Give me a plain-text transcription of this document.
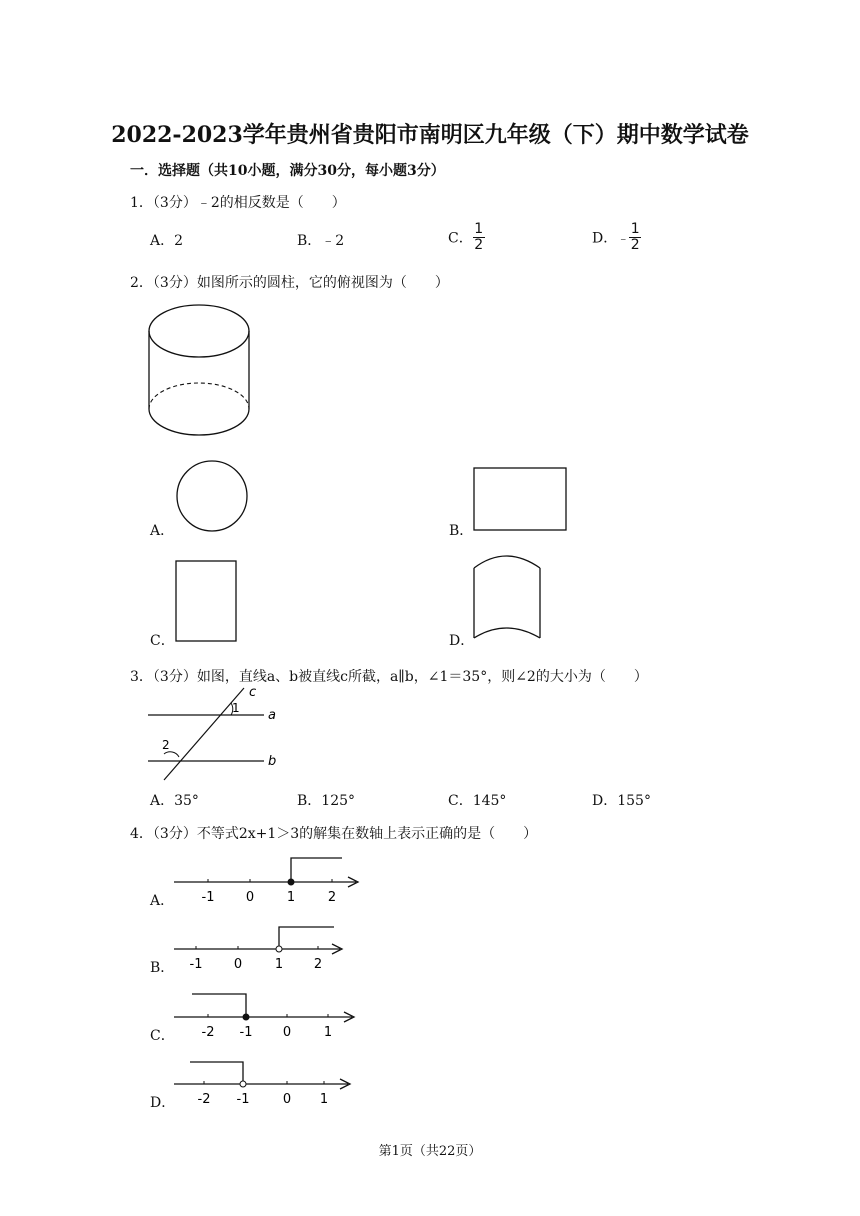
2022-2023学年贵州省贵阳市南明区九年级（下）期中数学试卷
一．选择题（共10小题，满分30分，每小题3分）
1．（3分）﹣2的相反数是（　　）
A．2	B．﹣2	C． $\frac{1}{2}$	D．﹣ $\frac{1}{2}$
2．（3分）如图所示的圆柱，它的俯视图为（　　）
A．	B．
C．	D．
3．（3分）如图，直线a、b被直线c所截，a∥b，∠1＝35°，则∠2的大小为（　　）
c
a
b
1
2
A．35°	B．125°	C．145°	D．155°
4．（3分）不等式2x+1＞3的解集在数轴上表示正确的是（　　）
A． -1 0	1	2
B． -1 0	1 2
C． -2 -1 0	1
D． -2 -1	0 1
第1页（共22页）
